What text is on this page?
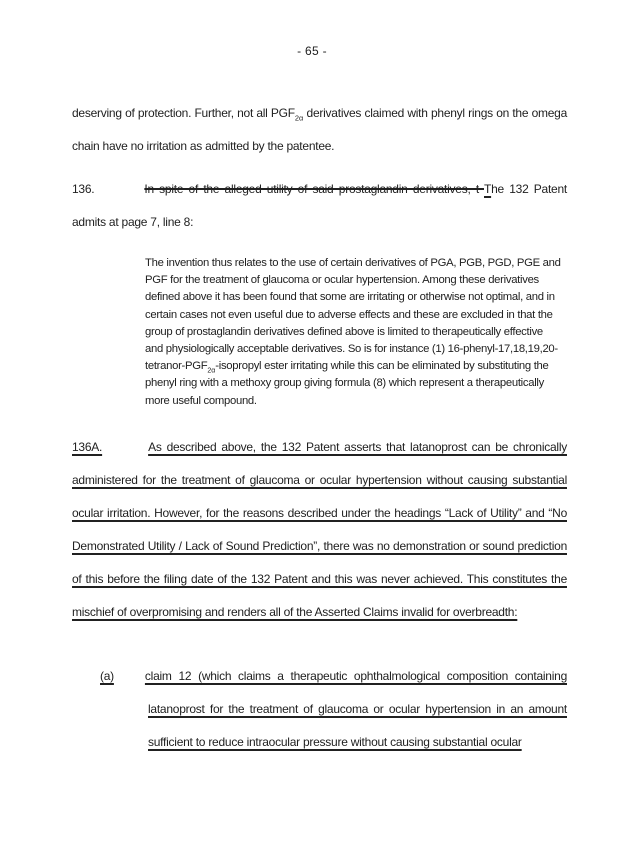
- 65 -

deserving of protection. Further, not all $PGF_{2\alpha}$ derivatives claimed with phenyl rings on the omega chain have no irritation as admitted by the patentee.

136.	In spite of the alleged utility of said prostaglandin derivatives, t The 132 Patent admits at page 7, line 8:

The invention thus relates to the use of certain derivatives of PGA, PGB, PGD, PGE and PGF for the treatment of glaucoma or ocular hypertension. Among these derivatives defined above it has been found that some are irritating or otherwise not optimal, and in certain cases not even useful due to adverse effects and these are excluded in that the group of prostaglandin derivatives defined above is limited to therapeutically effective and physiologically acceptable derivatives. So is for instance (1) $16-phenyl-17,18,19,20-tetranor-PGF_{2\alpha}$-isopropyl ester irritating while this can be eliminated by substituting the phenyl ring with a methoxy group giving formula (8) which represent a therapeutically more useful compound.

136A.	As described above, the 132 Patent asserts that latanoprost can be chronically administered for the treatment of glaucoma or ocular hypertension without causing substantial ocular irritation. However, for the reasons described under the headings “Lack of Utility” and “No Demonstrated Utility / Lack of Sound Prediction”, there was no demonstration or sound prediction of this before the filing date of the 132 Patent and this was never achieved. This constitutes the mischief of overpromising and renders all of the Asserted Claims invalid for overbreadth:

(a)	claim 12 (which claims a therapeutic ophthalmological composition containing latanoprost for the treatment of glaucoma or ocular hypertension in an amount sufficient to reduce intraocular pressure without causing substantial ocular
